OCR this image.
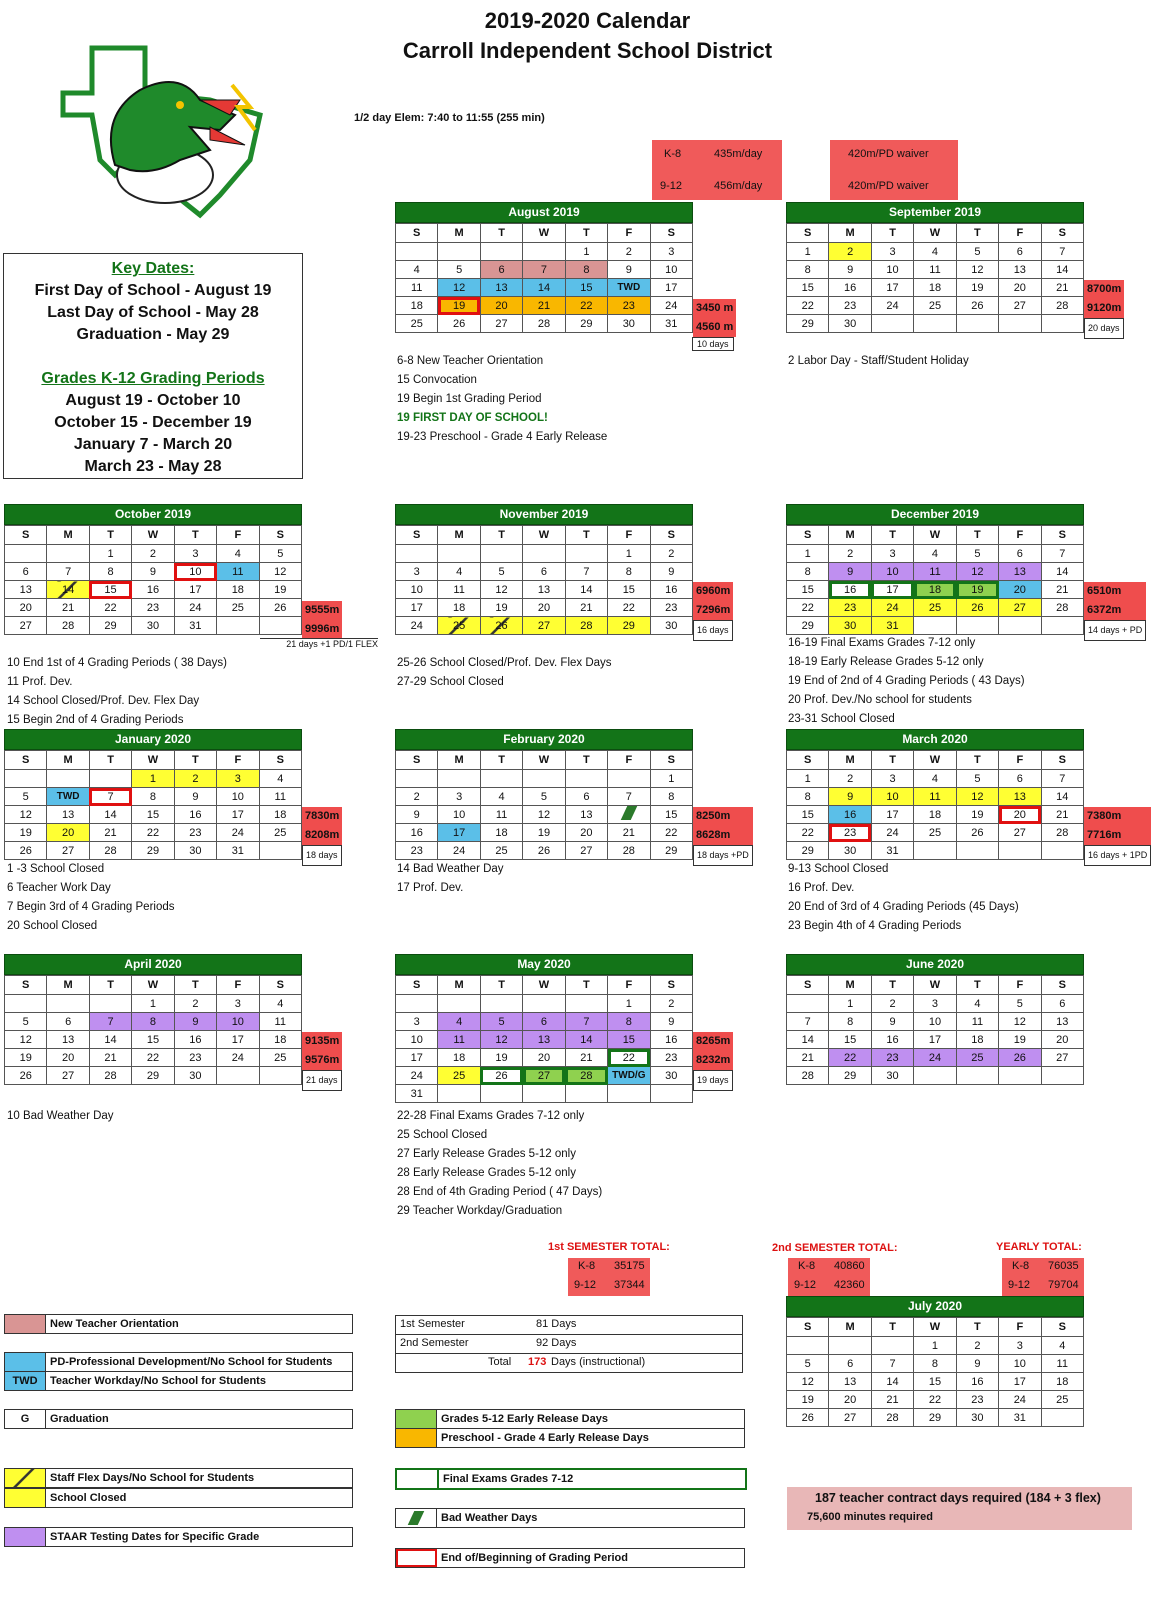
2019-2020 Calendar
Carroll Independent School District
1/2 day Elem: 7:40 to 11:55 (255 min)
Key Dates:
First Day of School - August 19
Last Day of School - May 28
Graduation - May 29
Grades K-12 Grading Periods
August 19 - October 10
October 15 - December 19
January 7 - March 20
March 23 - May 28
K-8	435m/day
9-12	456m/day
420m/PD waiver
420m/PD waiver
August 2019
S	M	T	W	T	F	S
				1	2	3
4	5	6	7	8	9	10
11	12	13	14	15	TWD	17
18	19	20	21	22	23	24
25	26	27	28	29	30	31
3450 m
4560 m
10 days
6-8 New Teacher Orientation
15 Convocation
19 Begin 1st Grading Period
19 FIRST DAY OF SCHOOL!
19-23 Preschool - Grade 4 Early Release
September 2019
S	M	T	W	T	F	S
1	2	3	4	5	6	7
8	9	10	11	12	13	14
15	16	17	18	19	20	21
22	23	24	25	26	27	28
29	30					
8700m
9120m
20 days
2 Labor Day - Staff/Student Holiday
October 2019
S	M	T	W	T	F	S
		1	2	3	4	5
6	7	8	9	10	11	12
13	14	15	16	17	18	19
20	21	22	23	24	25	26
27	28	29	30	31		
9555m
9996m
21 days +1 PD/1 FLEX
10 End 1st of 4 Grading Periods ( 38 Days)
11 Prof. Dev.
14 School Closed/Prof. Dev. Flex Day
15 Begin 2nd of 4 Grading Periods
November 2019
S	M	T	W	T	F	S
					1	2
3	4	5	6	7	8	9
10	11	12	13	14	15	16
17	18	19	20	21	22	23
24	25	26	27	28	29	30
6960m
7296m
16 days
25-26 School Closed/Prof. Dev. Flex Days
27-29 School Closed
December 2019
S	M	T	W	T	F	S
1	2	3	4	5	6	7
8	9	10	11	12	13	14
15	16	17	18	19	20	21
22	23	24	25	26	27	28
29	30	31				
6510m
6372m
14 days + PD
16-19 Final Exams Grades 7-12 only
18-19 Early Release Grades 5-12 only
19 End of 2nd of 4 Grading Periods ( 43 Days)
20 Prof. Dev./No school for students
23-31 School Closed
January 2020
S	M	T	W	T	F	S
			1	2	3	4
5	TWD	7	8	9	10	11
12	13	14	15	16	17	18
19	20	21	22	23	24	25
26	27	28	29	30	31	
7830m
8208m
18 days
1 -3 School Closed
6 Teacher Work Day
7 Begin 3rd of 4 Grading Periods
20 School Closed
February 2020
S	M	T	W	T	F	S
						1
2	3	4	5	6	7	8
9	10	11	12	13		15
16	17	18	19	20	21	22
23	24	25	26	27	28	29
8250m
8628m
18 days +PD
14 Bad Weather Day
17 Prof. Dev.
March 2020
S	M	T	W	T	F	S
1	2	3	4	5	6	7
8	9	10	11	12	13	14
15	16	17	18	19	20	21
22	23	24	25	26	27	28
29	30	31				
7380m
7716m
16 days + 1PD
9-13 School Closed
16 Prof. Dev.
20 End of 3rd of 4 Grading Periods (45 Days)
23 Begin 4th of 4 Grading Periods
April 2020
S	M	T	W	T	F	S
			1	2	3	4
5	6	7	8	9	10	11
12	13	14	15	16	17	18
19	20	21	22	23	24	25
26	27	28	29	30		
9135m
9576m
21 days
10 Bad Weather Day
May 2020
S	M	T	W	T	F	S
					1	2
3	4	5	6	7	8	9
10	11	12	13	14	15	16
17	18	19	20	21	22	23
24	25	26	27	28	TWD/G	30
31						
8265m
8232m
19 days
22-28 Final Exams Grades 7-12 only
25 School Closed
27 Early Release Grades 5-12 only
28 Early Release Grades 5-12 only
28 End of 4th Grading Period ( 47 Days)
29 Teacher Workday/Graduation
June 2020
S	M	T	W	T	F	S
	1	2	3	4	5	6
7	8	9	10	11	12	13
14	15	16	17	18	19	20
21	22	23	24	25	26	27
28	29	30				
July 2020
S	M	T	W	T	F	S
			1	2	3	4
5	6	7	8	9	10	11
12	13	14	15	16	17	18
19	20	21	22	23	24	25
26	27	28	29	30	31	
1st SEMESTER TOTAL:
K-8 35175
9-12 37344
2nd SEMESTER TOTAL:
K-8 40860
9-12 42360
YEARLY TOTAL:
K-8 76035
9-12 79704
1st Semester	81 Days
2nd Semester	92 Days
Total 173 Days (instructional)
New Teacher Orientation
PD-Professional Development/No School for Students
TWD	Teacher Workday/No School for Students
G	Graduation
Staff Flex Days/No School for Students
School Closed
STAAR Testing Dates for Specific Grade
Grades 5-12 Early Release Days
Preschool - Grade 4 Early Release Days
Final Exams Grades 7-12
Bad Weather Days
End of/Beginning of Grading Period
187 teacher contract days required (184 + 3 flex)
75,600 minutes required
